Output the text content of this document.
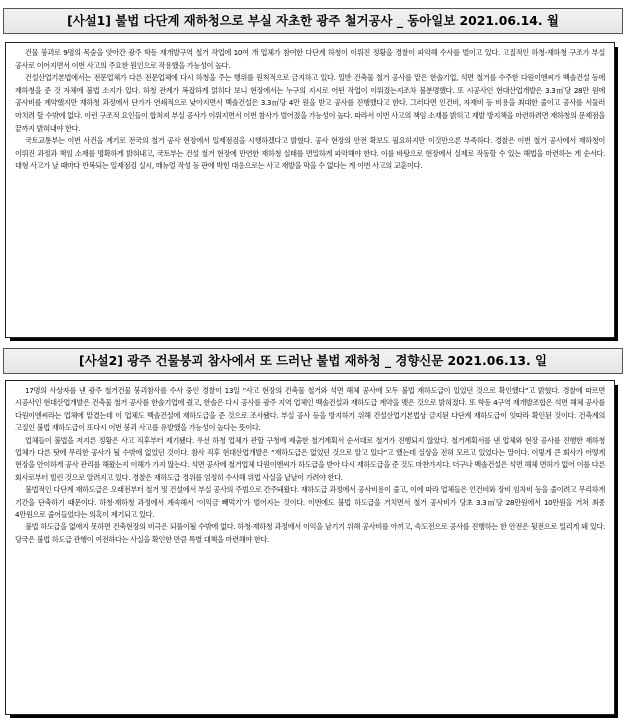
[사설1] 불법 다단계 재하청으로 부실 자초한 광주 철거공사 _ 동아일보 2021.06.14. 월

건물 붕괴로 9명의 목숨을 앗아간 광주 학동 재개발구역 철거 작업에 10여 개 업체가 참여한 다단계 하청이 이뤄진 정황을 경찰이 파악해 수사를 벌이고 있다. 고질적인 하청-재하청 구조가 부실 공사로 이어지면서 이번 사고의 주요한 원인으로 작용했을 가능성이 높다.

건설산업기본법에서는 전문업체가 다른 전문업체에 다시 하청을 주는 행위를 원칙적으로 금지하고 있다. 일반 건축물 철거 공사를 맡은 한솔기업, 석면 철거를 수주한 다원이앤씨가 백솔건설 등에 재하청을 준 것 자체에 불법 소지가 있다. 하청 관계가 복잡하게 얽히다 보니 현장에서는 누구의 지시로 어떤 작업이 이뤄졌는지조차 불분명했다. 또 시공사인 현대산업개발은 3.3㎡당 28만 원에 공사비를 계약했지만 재하청 과정에서 단가가 연쇄적으로 낮아지면서 백솔건설은 3.3㎡당 4만 원을 받고 공사를 진행했다고 한다. 그러다면 인건비, 자재비 등 비용을 최대한 줄이고 공사를 서둘러 마치려 할 수밖에 없다. 이런 구조적 요인들이 합쳐져 부실 공사가 이뤄지면서 이번 참사가 벌어졌을 가능성이 높다. 따라서 이번 사고의 책임 소재를 밝히고 재발 방지책을 마련하려면 재하청의 문제점을 끝까지 밝혀내야 한다.

국토교통부는 이번 사건을 계기로 전국의 철거 공사 현장에서 일제점검을 시행하겠다고 밝혔다. 공사 현장의 안전 확보도 필요하지만 이것만으론 부족하다. 경찰은 이번 철거 공사에서 재하청이 이뤄진 과정과 책임 소재를 명확하게 밝혀내고, 국토부는 건설 철거 현장에 만연한 재하청 실태를 면밀하게 파악해야 한다. 이를 바탕으로 현장에서 실제로 작동할 수 있는 해법을 마련하는 게 순서다. 대형 사고가 날 때마다 반복되는 일제점검 실시, 매뉴얼 작성 등 판에 박힌 대응으로는 사고 재발을 막을 수 없다는 게 이번 사고의 교훈이다.

[사설2] 광주 건물붕괴 참사에서 또 드러난 불법 재하청 _ 경향신문 2021.06.13. 일

17명의 사상자를 낸 광주 철거건물 붕괴참사를 수사 중인 경찰이 13일 “사고 현장의 건축물 철거와 석면 해체 공사에 모두 불법 재하도급이 있었던 것으로 확인했다”고 밝혔다. 경찰에 따르면 시공사인 현대산업개발은 건축물 철거 공사를 한솔기업에 줬고, 한솔은 다시 공사를 광주 지역 업체인 백솔건설과 재하도급 계약을 맺은 것으로 밝혀졌다. 또 학동 4구역 재개발조합은 석면 해체 공사를 다원이앤씨라는 업체에 맡겼는데 이 업체도 백솔건설에 재하도급을 준 것으로 조사됐다. 부실 공사 등을 방지하기 위해 건설산업기본법상 금지된 다단계 재하도급이 잇따라 확인된 것이다. 건축계의 고질인 불법 재하도급이 또다시 이번 붕괴 사고를 유발했을 가능성이 높다는 뜻이다.

업체들이 불법을 저지른 정황은 사고 직후부터 제기됐다. 우선 하청 업체가 관할 구청에 제출한 철거계획서 순서대로 철거가 진행되지 않았다. 철거계획서를 낸 업체와 현장 공사를 진행한 재하청 업체가 다른 탓에 무리한 공사가 될 수밖에 없었던 것이다. 참사 직후 현대산업개발은 “재하도급은 없었던 것으로 알고 있다”고 했는데 실상을 전혀 모르고 있었다는 말이다. 이렇게 큰 회사가 어떻게 현장을 안이하게 공사 관리를 해왔는지 이해가 가지 않는다. 석면 공사에 철거업체 다원이앤씨가 하도급을 받아 다시 재하도급을 준 것도 마찬가지다. 더구나 백솔건설은 석면 해체 면허가 없어 이를 다른 회사로부터 빌린 것으로 알려지고 있다. 경찰은 재하도급 경위를 엄정히 수사해 위법 사실을 낱낱이 가려야 한다.

불법적인 다단계 재하도급은 오래전부터 철거 및 건설에서 부실 공사의 주범으로 간주돼왔다. 재하도급 과정에서 공사비용이 줄고, 이에 따라 업체들은 인건비와 장비 임차비 등을 줄이려고 무리하게 기간을 단축하기 때문이다. 하청·재하청 과정에서 계속해서 ‘이익금 빼먹기’가 벌어지는 것이다. 이번에도 불법 하도급을 거치면서 철거 공사비가 당초 3.3㎡당 28만원에서 10만원을 거쳐 최종 4만원으로 줄어들었다는 의혹이 제기되고 있다.

불법 하도급을 없애지 못하면 건축현장의 비극은 되풀이될 수밖에 없다. 하청·재하청 과정에서 이익을 남기기 위해 공사비를 아끼고, 속도전으로 공사를 진행하는 한 안전은 뒷전으로 밀리게 돼 있다. 당국은 불법 하도급 관행이 여전하다는 사실을 확인한 만큼 특별 대책을 마련해야 한다.
